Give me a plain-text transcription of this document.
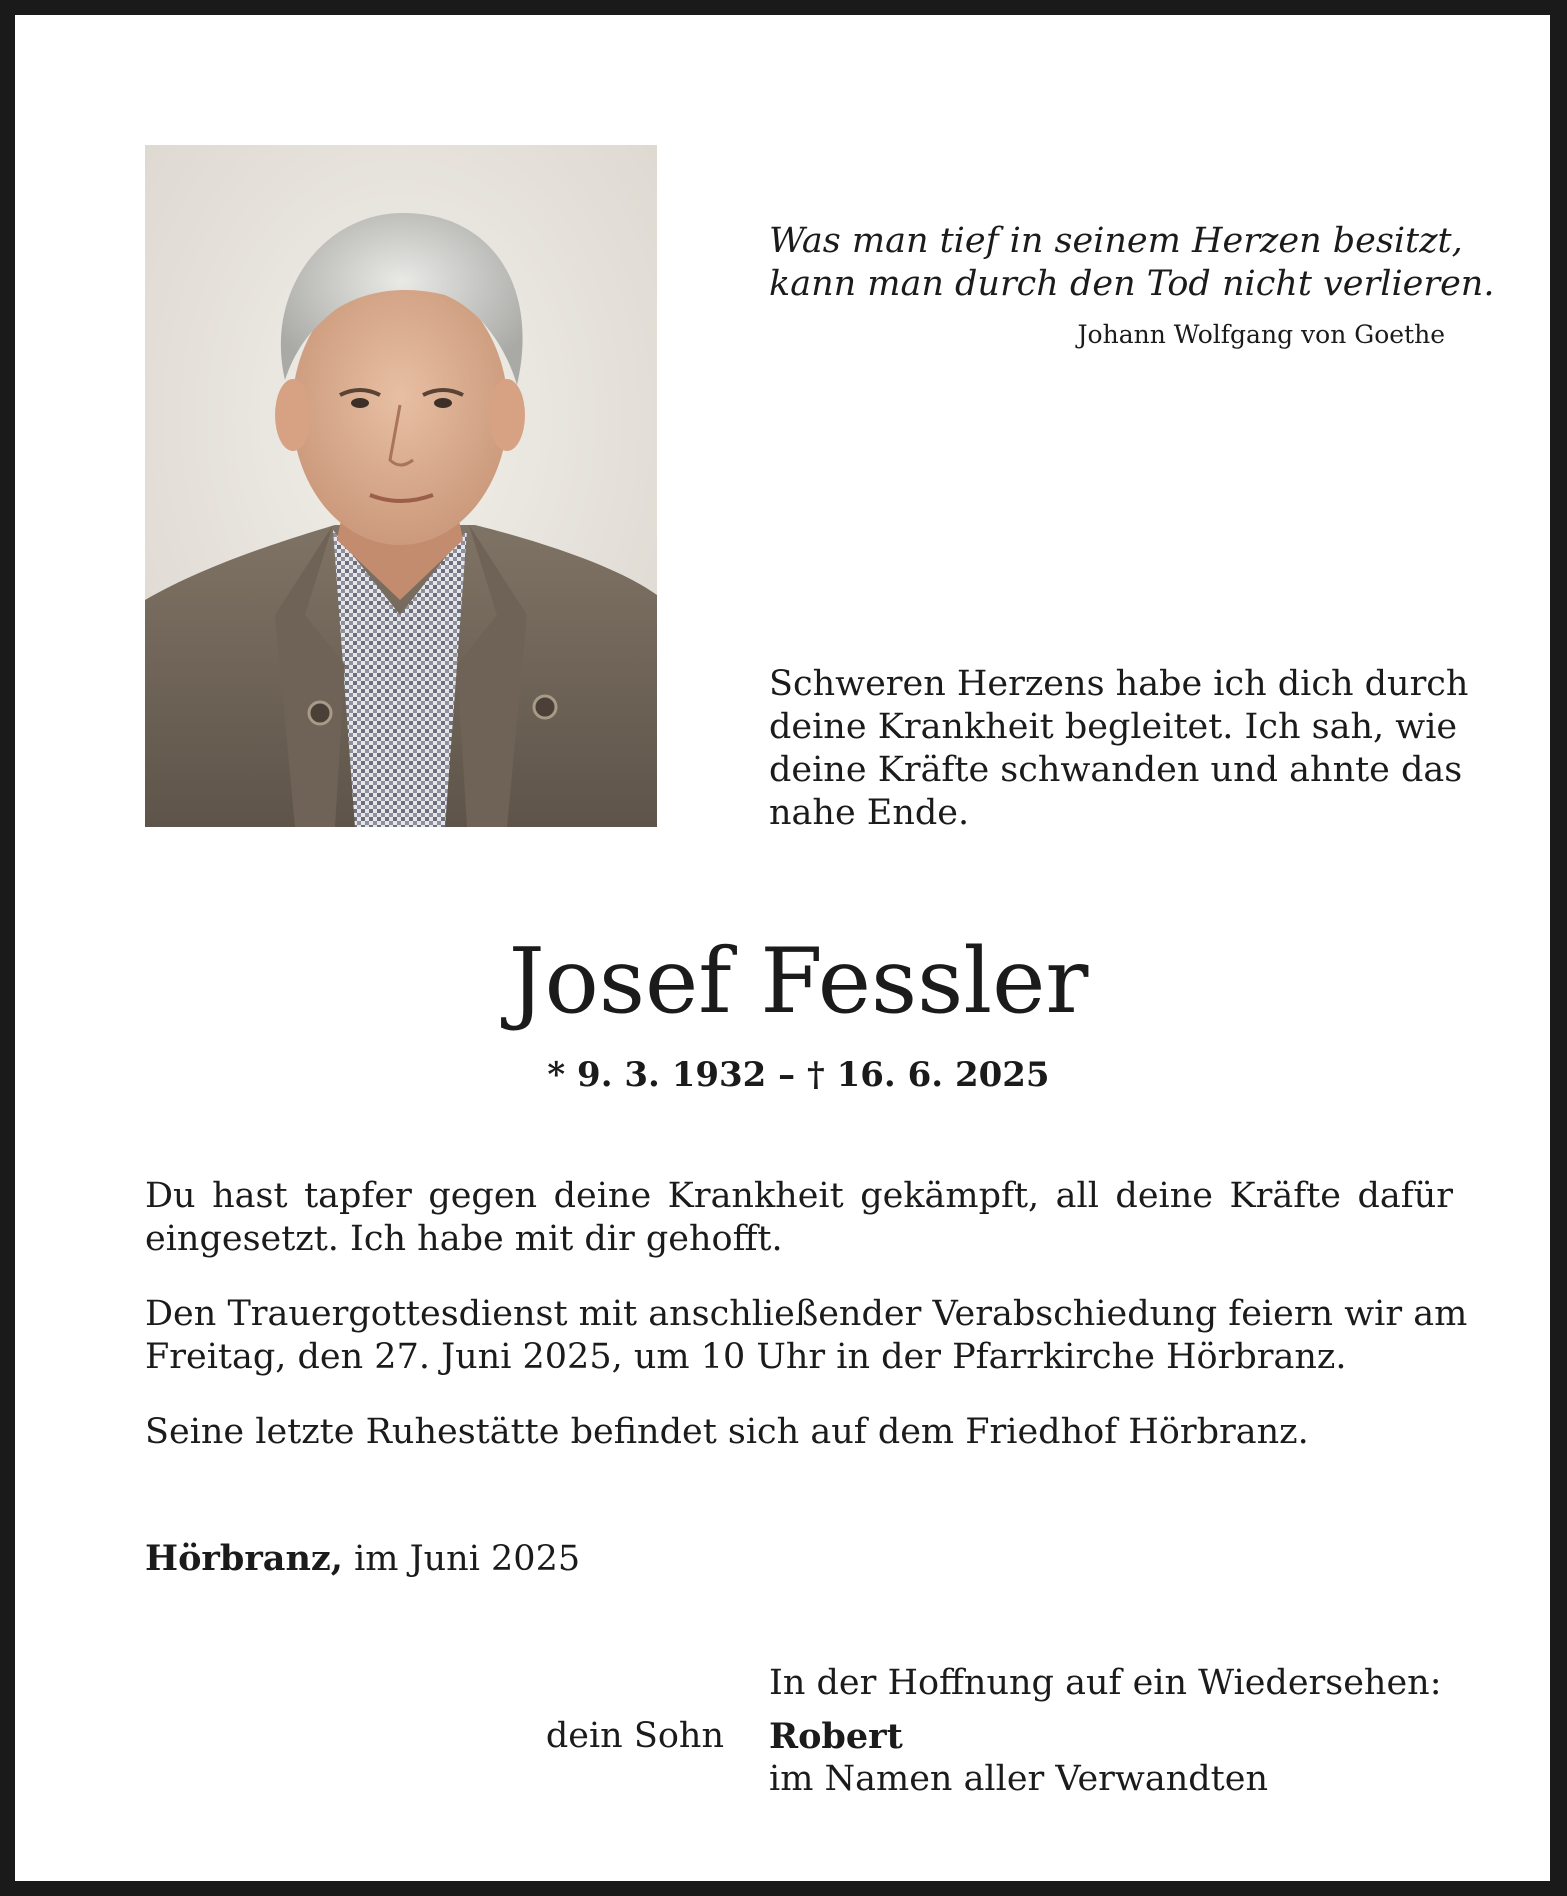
Was man tief in seinem Herzen besitzt,
kann man durch den Tod nicht verlieren.
Johann Wolfgang von Goethe
Schweren Herzens habe ich dich durch
deine Krankheit begleitet. Ich sah, wie
deine Kräfte schwanden und ahnte das
nahe Ende.
Josef Fessler
* 9. 3. 1932 – † 16. 6. 2025
Du hast tapfer gegen deine Krankheit gekämpft, all deine Kräfte dafür
eingesetzt. Ich habe mit dir gehofft.
Den Trauergottesdienst mit anschließender Verabschiedung feiern wir am
Freitag, den 27. Juni 2025, um 10 Uhr in der Pfarrkirche Hörbranz.
Seine letzte Ruhestätte befindet sich auf dem Friedhof Hörbranz.
Hörbranz, im Juni 2025
In der Hoffnung auf ein Wiedersehen:
dein Sohn Robert
im Namen aller Verwandten
